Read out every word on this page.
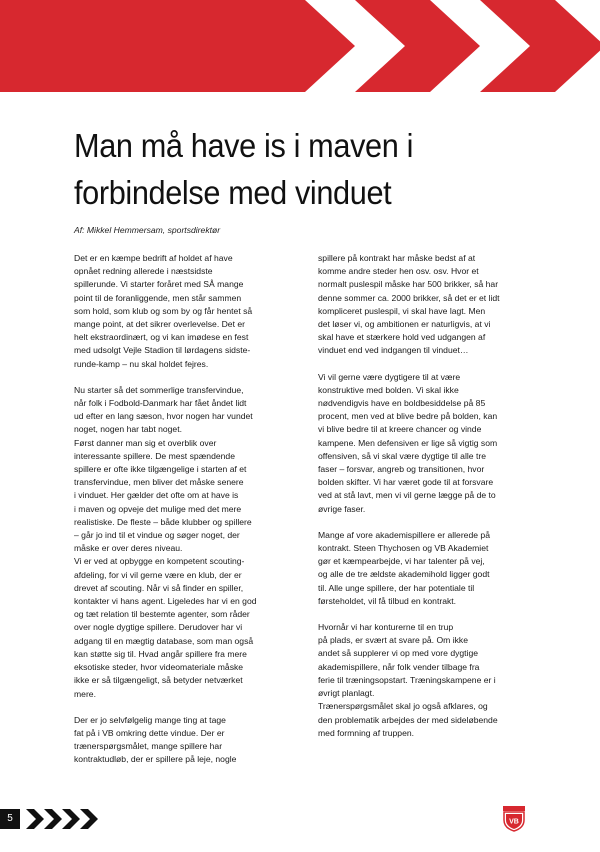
Man må have is i maven i forbindelse med vinduet
Af: Mikkel Hemmersam, sportsdirektør

Det er en kæmpe bedrift af holdet af have
opnået redning allerede i næstsidste
spillerunde. Vi starter foråret med SÅ mange
point til de foranliggende, men står sammen
som hold, som klub og som by og får hentet så
mange point, at det sikrer overlevelse. Det er
helt ekstraordinært, og vi kan imødese en fest
med udsolgt Vejle Stadion til lørdagens sidste-
runde-kamp – nu skal holdet fejres.

Nu starter så det sommerlige transfervindue,
når folk i Fodbold-Danmark har fået åndet lidt
ud efter en lang sæson, hvor nogen har vundet
noget, nogen har tabt noget.
Først danner man sig et overblik over
interessante spillere. De mest spændende
spillere er ofte ikke tilgængelige i starten af et
transfervindue, men bliver det måske senere
i vinduet. Her gælder det ofte om at have is
i maven og opveje det mulige med det mere
realistiske. De fleste – både klubber og spillere
– går jo ind til et vindue og søger noget, der
måske er over deres niveau.
Vi er ved at opbygge en kompetent scouting-
afdeling, for vi vil gerne være en klub, der er
drevet af scouting. Når vi så finder en spiller,
kontakter vi hans agent. Ligeledes har vi en god
og tæt relation til bestemte agenter, som råder
over nogle dygtige spillere. Derudover har vi
adgang til en mægtig database, som man også
kan støtte sig til. Hvad angår spillere fra mere
eksotiske steder, hvor videomateriale måske
ikke er så tilgængeligt, så betyder netværket
mere.

Der er jo selvfølgelig mange ting at tage
fat på i VB omkring dette vindue. Der er
trænerspørgsmålet, mange spillere har
kontraktudløb, der er spillere på leje, nogle

spillere på kontrakt har måske bedst af at
komme andre steder hen osv. osv. Hvor et
normalt puslespil måske har 500 brikker, så har
denne sommer ca. 2000 brikker, så det er et lidt
kompliceret puslespil, vi skal have lagt. Men
det løser vi, og ambitionen er naturligvis, at vi
skal have et stærkere hold ved udgangen af
vinduet end ved indgangen til vinduet…

Vi vil gerne være dygtigere til at være
konstruktive med bolden. Vi skal ikke
nødvendigvis have en boldbesiddelse på 85
procent, men ved at blive bedre på bolden, kan
vi blive bedre til at kreere chancer og vinde
kampene. Men defensiven er lige så vigtig som
offensiven, så vi skal være dygtige til alle tre
faser – forsvar, angreb og transitionen, hvor
bolden skifter. Vi har været gode til at forsvare
ved at stå lavt, men vi vil gerne lægge på de to
øvrige faser.

Mange af vore akademispillere er allerede på
kontrakt. Steen Thychosen og VB Akademiet
gør et kæmpearbejde, vi har talenter på vej,
og alle de tre ældste akademihold ligger godt
til. Alle unge spillere, der har potentiale til
førsteholdet, vil få tilbud en kontrakt.

Hvornår vi har konturerne til en trup
på plads, er svært at svare på. Om ikke
andet så supplerer vi op med vore dygtige
akademispillere, når folk vender tilbage fra
ferie til træningsopstart. Træningskampene er i
øvrigt planlagt.
Trænerspørgsmålet skal jo også afklares, og
den problematik arbejdes der med sideløbende
med formning af truppen.

5	VB
